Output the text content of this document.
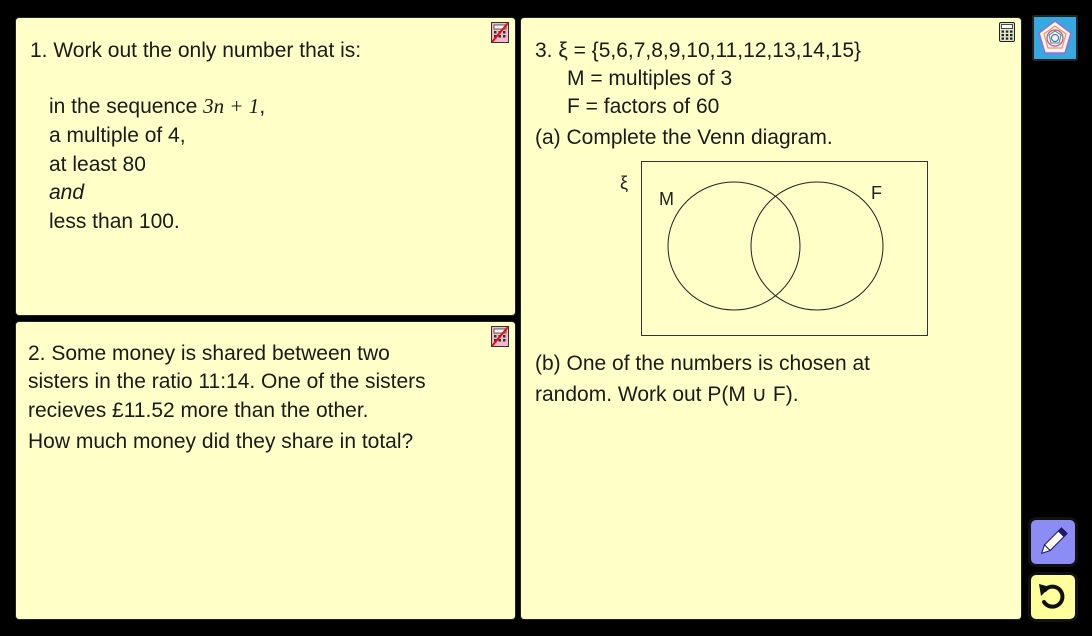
1. Work out the only number that is:
in the sequence 3n + 1,
a multiple of 4,
at least 80
and
less than 100.
2. Some money is shared between two
sisters in the ratio 11:14. One of the sisters
recieves £11.52 more than the other.
How much money did they share in total?
3. ξ = {5,6,7,8,9,10,11,12,13,14,15}
M = multiples of 3
F = factors of 60
(a) Complete the Venn diagram.
ξ
M	F
(b) One of the numbers is chosen at
random. Work out P(M ∪ F).
